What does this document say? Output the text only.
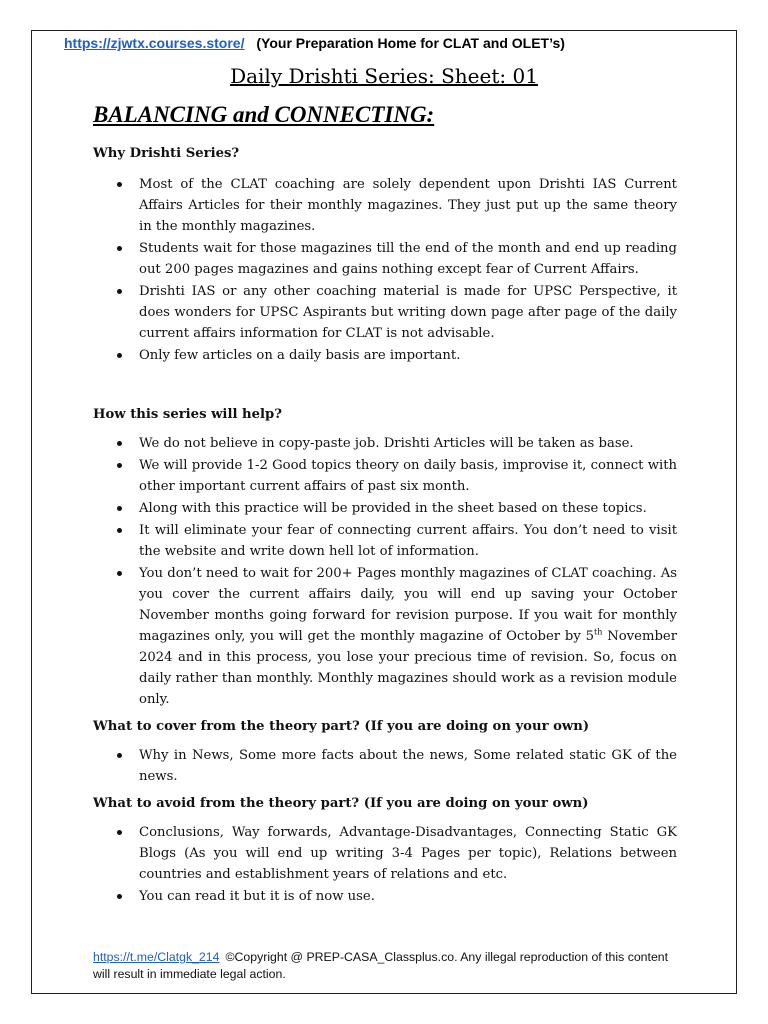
https://zjwtx.courses.store/ (Your Preparation Home for CLAT and OLET’s)
Daily Drishti Series: Sheet: 01
BALANCING and CONNECTING:

Why Drishti Series?

Most of the CLAT coaching are solely dependent upon Drishti IAS Current Affairs Articles for their monthly magazines. They just put up the same theory in the monthly magazines.
Students wait for those magazines till the end of the month and end up reading out 200 pages magazines and gains nothing except fear of Current Affairs.
Drishti IAS or any other coaching material is made for UPSC Perspective, it does wonders for UPSC Aspirants but writing down page after page of the daily current affairs information for CLAT is not advisable.
Only few articles on a daily basis are important.

How this series will help?

We do not believe in copy-paste job. Drishti Articles will be taken as base.
We will provide 1-2 Good topics theory on daily basis, improvise it, connect with other important current affairs of past six month.
Along with this practice will be provided in the sheet based on these topics.
It will eliminate your fear of connecting current affairs. You don’t need to visit the website and write down hell lot of information.
You don’t need to wait for 200+ Pages monthly magazines of CLAT coaching. As you cover the current affairs daily, you will end up saving your October November months going forward for revision purpose. If you wait for monthly magazines only, you will get the monthly magazine of October by 5th November 2024 and in this process, you lose your precious time of revision. So, focus on daily rather than monthly. Monthly magazines should work as a revision module only.

What to cover from the theory part? (If you are doing on your own)

Why in News, Some more facts about the news, Some related static GK of the news.

What to avoid from the theory part? (If you are doing on your own)

Conclusions, Way forwards, Advantage-Disadvantages, Connecting Static GK Blogs (As you will end up writing 3-4 Pages per topic), Relations between countries and establishment years of relations and etc.
You can read it but it is of now use.
https://t.me/Clatgk_214 ©Copyright @ PREP-CASA_Classplus.co. Any illegal reproduction of this content will result in immediate legal action.
